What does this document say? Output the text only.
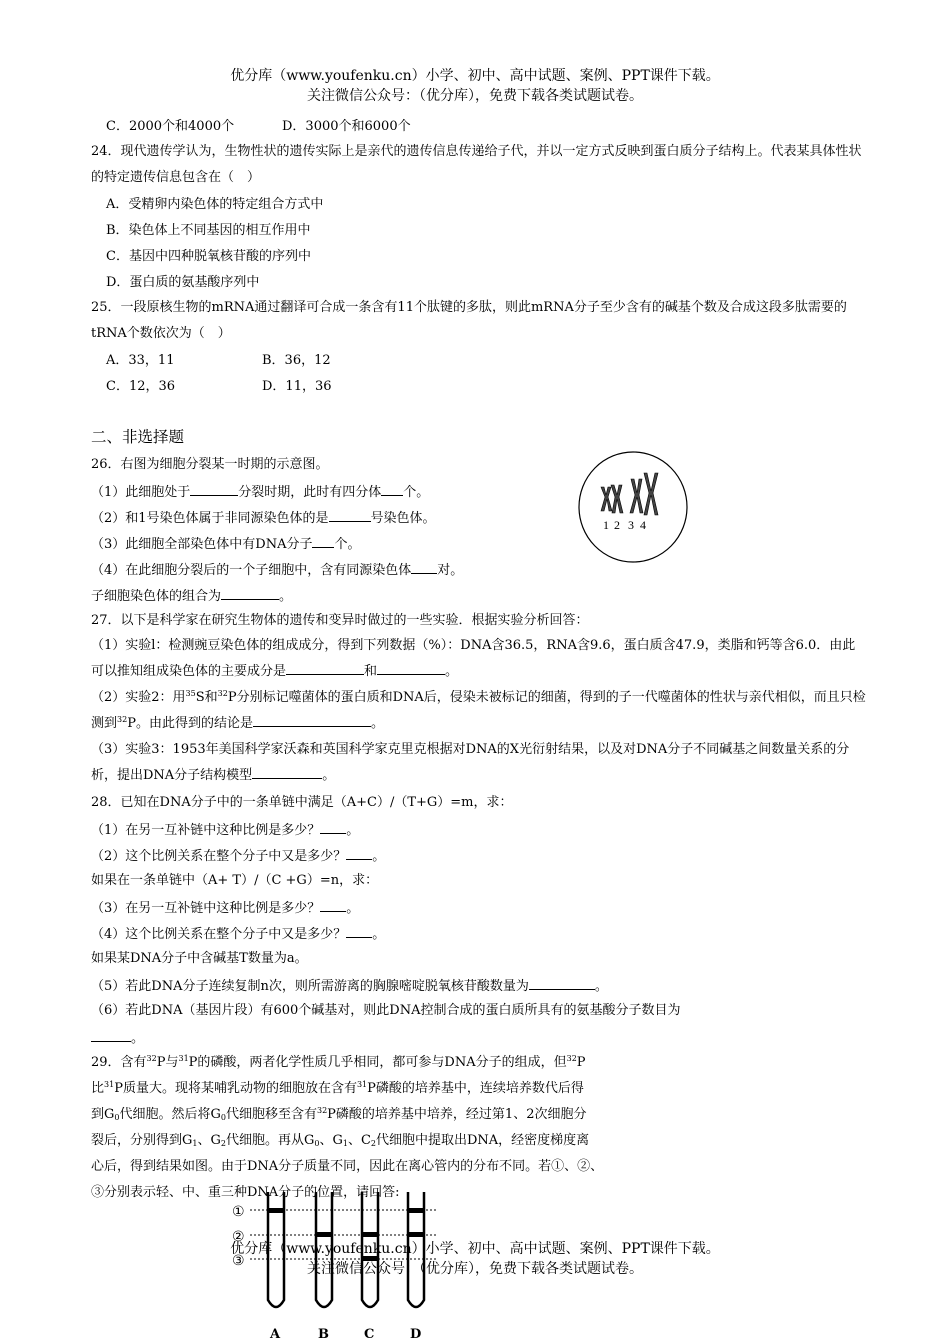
优分库（www.youfenku.cn）小学、初中、高中试题、案例、PPT课件下载。
关注微信公众号：（优分库），免费下载各类试题试卷。
C．2000个和4000个	D．3000个和6000个
24．现代遗传学认为，生物性状的遗传实际上是亲代的遗传信息传递给子代，并以一定方式反映到蛋白质分子结构上。代表某具体性状的特定遗传信息包含在（　）
A．受精卵内染色体的特定组合方式中
B．染色体上不同基因的相互作用中
C．基因中四种脱氧核苷酸的序列中
D．蛋白质的氨基酸序列中
25．一段原核生物的mRNA通过翻译可合成一条含有11个肽键的多肽，则此mRNA分子至少含有的碱基个数及合成这段多肽需要的tRNA个数依次为（　）
A．33，11	B．36，12
C．12，36	D．11，36
二、非选择题
26．右图为细胞分裂某一时期的示意图。
（1）此细胞处于	分裂时期，此时有四分体 个。
（2）和1号染色体属于非同源染色体的是	号染色体。
（3）此细胞全部染色体中有DNA分子 个。
（4）在此细胞分裂后的一个子细胞中，含有同源染色体 对。
子细胞染色体的组合为	。
1 2 3 4
27．以下是科学家在研究生物体的遗传和变异时做过的一些实验．根据实验分析回答：
（1）实验l：检测豌豆染色体的组成成分，得到下列数据（%）：DNA含36.5，RNA含9.6，蛋白质含47.9，类脂和钙等含6.0．由此可以推知组成染色体的主要成分是	和	。
（2）实验2：用$^{35}$S和$^{32}$P分别标记噬菌体的蛋白质和DNA后，侵染未被标记的细菌，得到的子一代噬菌体的性状与亲代相似，而且只检测到$^{32}$P。由此得到的结论是	。
（3）实验3：1953年美国科学家沃森和英国科学家克里克根据对DNA的X光衍射结果，以及对DNA分子不同碱基之间数量关系的分析，提出DNA分子结构模型	。
28．已知在DNA分子中的一条单链中满足（A+C）/（T+G）=m，求：
（1）在另一互补链中这种比例是多少？ 。
（2）这个比例关系在整个分子中又是多少？ 。
如果在一条单链中（A+ T）/（C +G）=n，求：
（3）在另一互补链中这种比例是多少？ 。
（4）这个比例关系在整个分子中又是多少？ 。
如果某DNA分子中含碱基T数量为a。
（5）若此DNA分子连续复制n次，则所需游离的胸腺嘧啶脱氧核苷酸数量为	。
（6）若此DNA（基因片段）有600个碱基对，则此DNA控制合成的蛋白质所具有的氨基酸分子数目为
。
29．含有$^{32}$P与$^{31}$P的磷酸，两者化学性质几乎相同，都可参与DNA分子的组成，但$^{32}$P
比$^{31}$P质量大。现将某哺乳动物的细胞放在含有$^{31}$P磷酸的培养基中，连续培养数代后得
到$G_0$代细胞。然后将$G_0$代细胞移至含有$^{32}$P磷酸的培养基中培养，经过第1、2次细胞分
裂后，分别得到$G_1$、$G_2$代细胞。再从$G_0$、$G_1$、$C_2$代细胞中提取出DNA，经密度梯度离
心后，得到结果如图。由于DNA分子质量不同，因此在离心管内的分布不同。若①、②、
③分别表示轻、中、重三种DNA分子的位置，请回答:
①
②
③
A	B	C	D
优分库（www.youfenku.cn）小学、初中、高中试题、案例、PPT课件下载。
关注微信公众号：（优分库），免费下载各类试题试卷。
